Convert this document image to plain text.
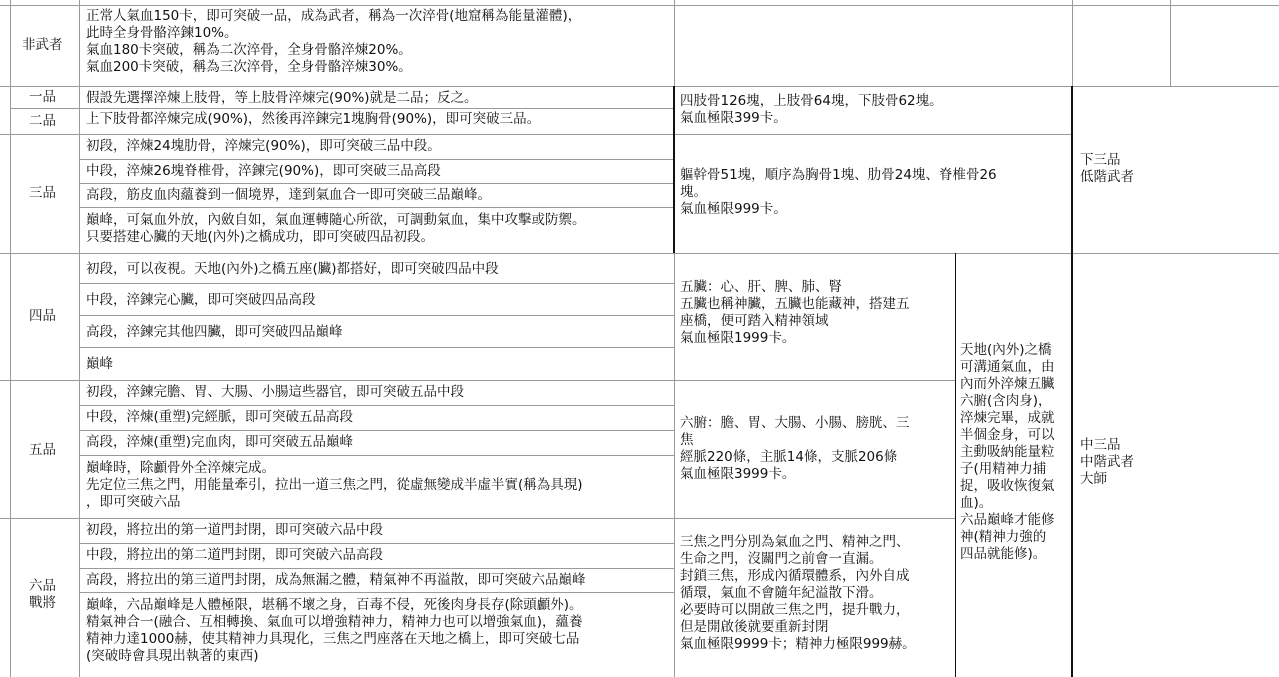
非武者
一品
二品
三品
四品
五品
六品
戰將
正常人氣血150卡，即可突破一品，成為武者，稱為一次淬骨(地窟稱為能量灌體)，
此時全身骨骼淬鍊10%。
氣血180卡突破，稱為二次淬骨，全身骨骼淬煉20%。
氣血200卡突破，稱為三次淬骨，全身骨骼淬煉30%。
假設先選擇淬煉上肢骨，等上肢骨淬煉完(90%)就是二品；反之。
上下肢骨都淬煉完成(90%)，然後再淬鍊完1塊胸骨(90%)，即可突破三品。
初段，淬煉24塊肋骨，淬煉完(90%)，即可突破三品中段。
中段，淬煉26塊脊椎骨，淬鍊完(90%)，即可突破三品高段
高段，筋皮血肉蘊養到一個境界，達到氣血合一即可突破三品巔峰。
巔峰，可氣血外放，內斂自如，氣血運轉隨心所欲，可調動氣血，集中攻擊或防禦。
只要搭建心臟的天地(內外)之橋成功，即可突破四品初段。
初段，可以夜視。天地(內外)之橋五座(臟)都搭好，即可突破四品中段
中段，淬鍊完心臟，即可突破四品高段
高段，淬鍊完其他四臟，即可突破四品巔峰
巔峰
初段，淬鍊完膽、胃、大腸、小腸這些器官，即可突破五品中段
中段，淬煉(重塑)完經脈，即可突破五品高段
高段，淬煉(重塑)完血肉，即可突破五品巔峰
巔峰時，除顱骨外全淬煉完成。
先定位三焦之門，用能量牽引，拉出一道三焦之門，從虛無變成半虛半實(稱為具現)
，即可突破六品
初段，將拉出的第一道門封閉，即可突破六品中段
中段，將拉出的第二道門封閉，即可突破六品高段
高段，將拉出的第三道門封閉，成為無漏之體，精氣神不再溢散，即可突破六品巔峰
巔峰，六品巔峰是人體極限，堪稱不壞之身，百毒不侵，死後肉身長存(除頭顱外)。
精氣神合一(融合、互相轉換、氣血可以增強精神力，精神力也可以增強氣血)，蘊養
精神力達1000赫，使其精神力具現化，三焦之門座落在天地之橋上，即可突破七品
(突破時會具現出執著的東西)
四肢骨126塊，上肢骨64塊，下肢骨62塊。
氣血極限399卡。
軀幹骨51塊，順序為胸骨1塊、肋骨24塊、脊椎骨26
塊。
氣血極限999卡。
五臟：心、肝、脾、肺、腎
五臟也稱神臟，五臟也能藏神，搭建五
座橋，便可踏入精神領域
氣血極限1999卡。
六腑：膽、胃、大腸、小腸、膀胱、三
焦
經脈220條，主脈14條，支脈206條
氣血極限3999卡。
三焦之門分別為氣血之門、精神之門、
生命之門，沒關門之前會一直漏。
封鎖三焦，形成內循環體系，內外自成
循環，氣血不會隨年紀溢散下滑。
必要時可以開啟三焦之門，提升戰力，
但是開啟後就要重新封閉
氣血極限9999卡；精神力極限999赫。
天地(內外)之橋
可溝通氣血，由
內而外淬煉五臟
六腑(含肉身)，
淬煉完畢，成就
半個金身，可以
主動吸納能量粒
子(用精神力捕
捉，吸收恢復氣
血)。
六品巔峰才能修
神(精神力強的
四品就能修)。
下三品
低階武者
中三品
中階武者
大師
